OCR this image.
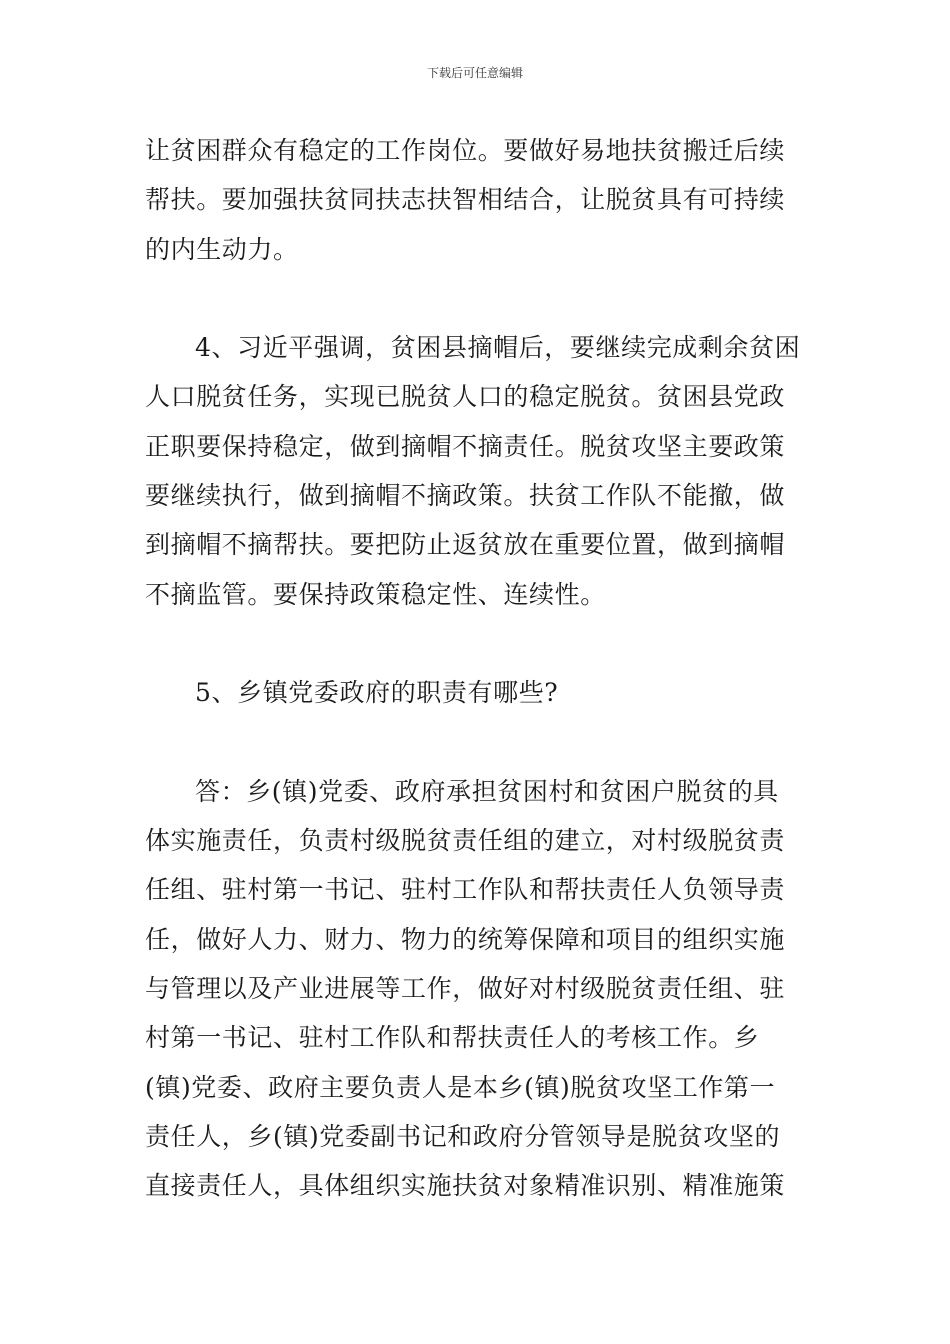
下载后可任意编辑

让贫困群众有稳定的工作岗位。要做好易地扶贫搬迁后续
帮扶。要加强扶贫同扶志扶智相结合，让脱贫具有可持续
的内生动力。

4、习近平强调，贫困县摘帽后，要继续完成剩余贫困
人口脱贫任务，实现已脱贫人口的稳定脱贫。贫困县党政
正职要保持稳定，做到摘帽不摘责任。脱贫攻坚主要政策
要继续执行，做到摘帽不摘政策。扶贫工作队不能撤，做
到摘帽不摘帮扶。要把防止返贫放在重要位置，做到摘帽
不摘监管。要保持政策稳定性、连续性。

5、乡镇党委政府的职责有哪些?

答：乡(镇)党委、政府承担贫困村和贫困户脱贫的具
体实施责任，负责村级脱贫责任组的建立，对村级脱贫责
任组、驻村第一书记、驻村工作队和帮扶责任人负领导责
任，做好人力、财力、物力的统筹保障和项目的组织实施
与管理以及产业进展等工作，做好对村级脱贫责任组、驻
村第一书记、驻村工作队和帮扶责任人的考核工作。乡
(镇)党委、政府主要负责人是本乡(镇)脱贫攻坚工作第一
责任人，乡(镇)党委副书记和政府分管领导是脱贫攻坚的
直接责任人，具体组织实施扶贫对象精准识别、精准施策
